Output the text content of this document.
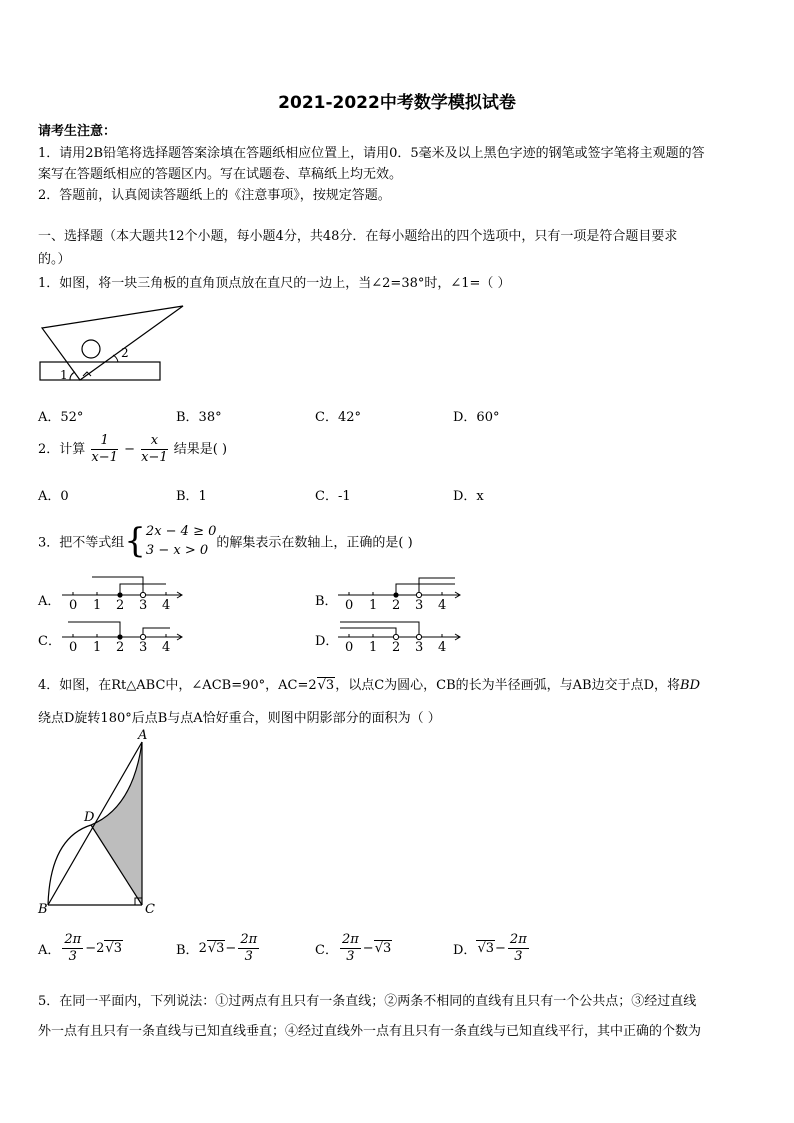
2021-2022中考数学模拟试卷
请考生注意：
1．请用2B铅笔将选择题答案涂填在答题纸相应位置上，请用0．5毫米及以上黑色字迹的钢笔或签字笔将主观题的答
案写在答题纸相应的答题区内。写在试题卷、草稿纸上均无效。
2．答题前，认真阅读答题纸上的《注意事项》，按规定答题。
一、选择题（本大题共12个小题，每小题4分，共48分．在每小题给出的四个选项中，只有一项是符合题目要求
的。）
1．如图，将一块三角板的直角顶点放在直尺的一边上，当∠2=38°时，∠1=（ ）
2
1
A．52°	B．38°	C．42°	D．60°
2．计算 $\frac{1}{x-1} - \frac{x}{x-1}$ 结果是( )
A．0	B．1	C．-1	D．x
3．把不等式组{ 2x − 4 ≥ 0
3 − x > 0 的解集表示在数轴上，正确的是( )
A．	B．
C．	D．
0 1 2 3 4	0 1 2 3 4
0 1 2 3 4	0 1 2 3 4
4．如图，在Rt△ABC中，∠ACB=90°，AC=2√3，以点C为圆心，CB的长为半径画弧，与AB边交于点D，将BD
绕点D旋转180°后点B与点A恰好重合，则图中阴影部分的面积为（ ）
A
D
B	C
A． $\frac{2\pi}{3} -2√3$	B．$2√3- \frac{2\pi}{3}$	C． $\frac{2\pi}{3} -√3$	D．$√3- \frac{2\pi}{3}$
5．在同一平面内，下列说法：①过两点有且只有一条直线；②两条不相同的直线有且只有一个公共点；③经过直线
外一点有且只有一条直线与已知直线垂直；④经过直线外一点有且只有一条直线与已知直线平行，其中正确的个数为
